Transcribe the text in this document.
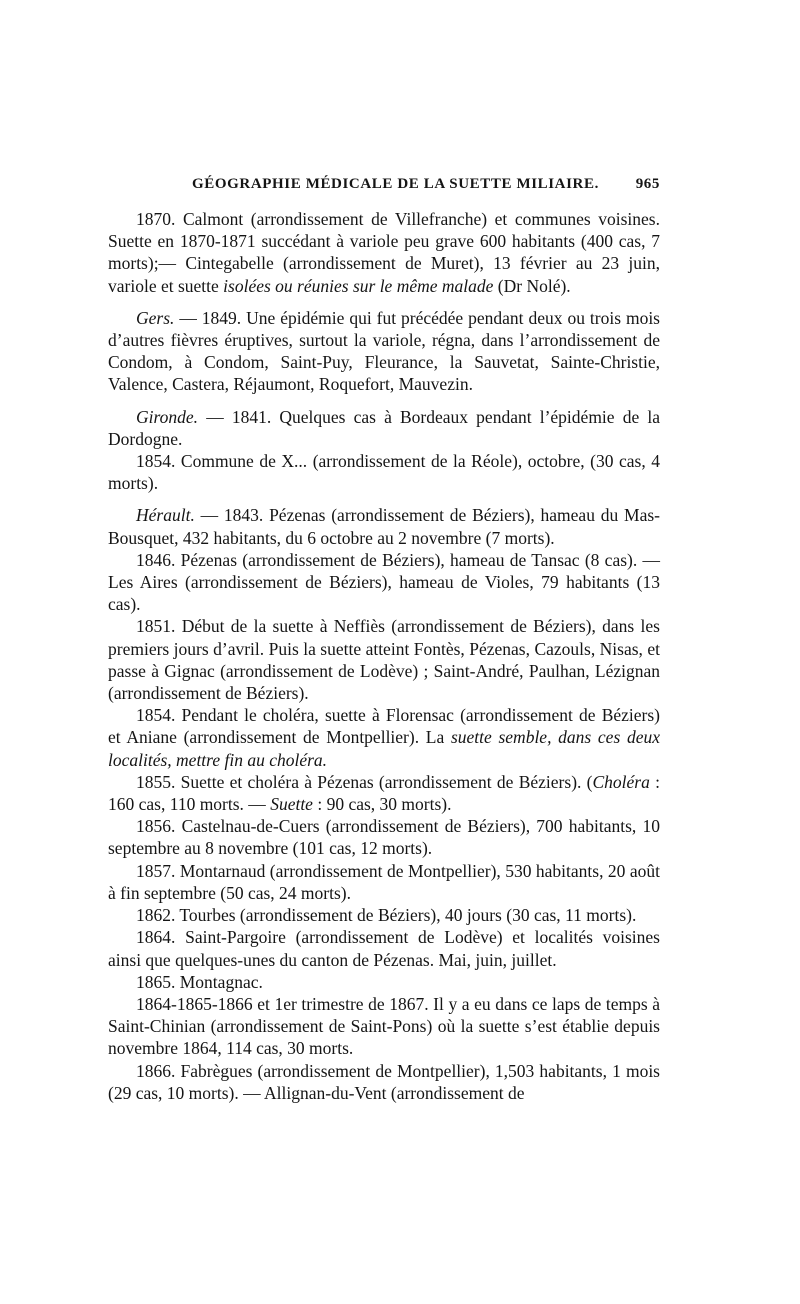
GÉOGRAPHIE MÉDICALE DE LA SUETTE MILIAIRE. 965

1870. Calmont (arrondissement de Villefranche) et communes voisines. Suette en 1870-1871 succédant à variole peu grave 600 habitants (400 cas, 7 morts);— Cintegabelle (arrondissement de Muret), 13 février au 23 juin, variole et suette isolées ou réunies sur le même malade (Dr Nolé).

Gers. — 1849. Une épidémie qui fut précédée pendant deux ou trois mois d’autres fièvres éruptives, surtout la variole, régna, dans l’arrondissement de Condom, à Condom, Saint-Puy, Fleurance, la Sauvetat, Sainte-Christie, Valence, Castera, Réjaumont, Roquefort, Mauvezin.

Gironde. — 1841. Quelques cas à Bordeaux pendant l’épidémie de la Dordogne.

1854. Commune de X... (arrondissement de la Réole), octobre, (30 cas, 4 morts).

Hérault. — 1843. Pézenas (arrondissement de Béziers), hameau du Mas-Bousquet, 432 habitants, du 6 octobre au 2 novembre (7 morts).

1846. Pézenas (arrondissement de Béziers), hameau de Tansac (8 cas). — Les Aires (arrondissement de Béziers), hameau de Violes, 79 habitants (13 cas).

1851. Début de la suette à Neffiès (arrondissement de Béziers), dans les premiers jours d’avril. Puis la suette atteint Fontès, Pézenas, Cazouls, Nisas, et passe à Gignac (arrondissement de Lodève) ; Saint-André, Paulhan, Lézignan (arrondissement de Béziers).

1854. Pendant le choléra, suette à Florensac (arrondissement de Béziers) et Aniane (arrondissement de Montpellier). La suette semble, dans ces deux localités, mettre fin au choléra.

1855. Suette et choléra à Pézenas (arrondissement de Béziers). (Choléra : 160 cas, 110 morts. — Suette : 90 cas, 30 morts).

1856. Castelnau-de-Cuers (arrondissement de Béziers), 700 habitants, 10 septembre au 8 novembre (101 cas, 12 morts).

1857. Montarnaud (arrondissement de Montpellier), 530 habitants, 20 août à fin septembre (50 cas, 24 morts).

1862. Tourbes (arrondissement de Béziers), 40 jours (30 cas, 11 morts).

1864. Saint-Pargoire (arrondissement de Lodève) et localités voisines ainsi que quelques-unes du canton de Pézenas. Mai, juin, juillet.

1865. Montagnac.

1864-1865-1866 et 1er trimestre de 1867. Il y a eu dans ce laps de temps à Saint-Chinian (arrondissement de Saint-Pons) où la suette s’est établie depuis novembre 1864, 114 cas, 30 morts.

1866. Fabrègues (arrondissement de Montpellier), 1,503 habitants, 1 mois (29 cas, 10 morts). — Allignan-du-Vent (arrondissement de
